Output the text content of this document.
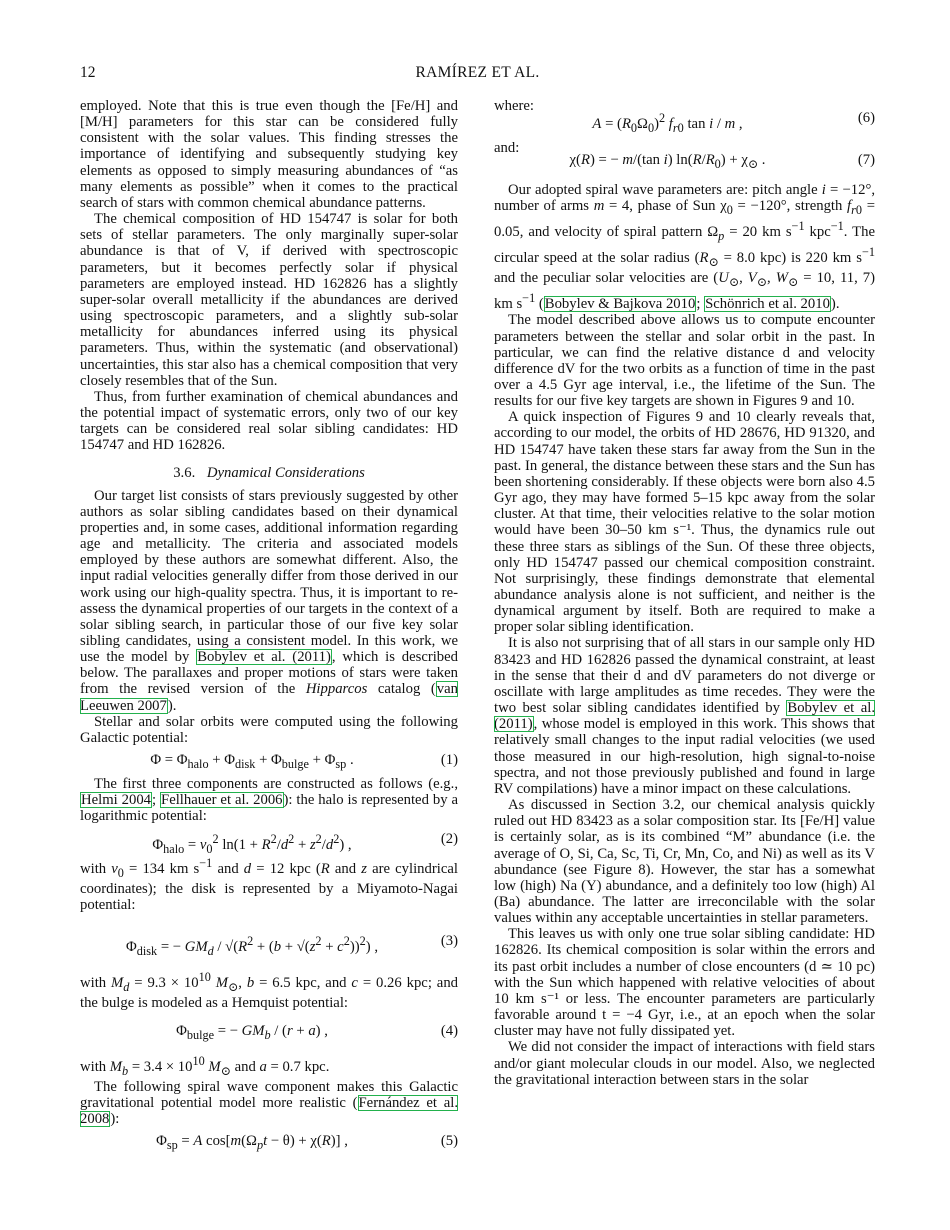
12	RAMÍREZ ET AL.

employed. Note that this is true even though the [Fe/H] and [M/H] parameters for this star can be considered fully consistent with the solar values. This finding stresses the importance of identifying and subsequently studying key elements as opposed to simply measuring abundances of “as many elements as possible” when it comes to the practical search of stars with common chemical abundance patterns.

The chemical composition of HD 154747 is solar for both sets of stellar parameters. The only marginally super-solar abundance is that of V, if derived with spectroscopic parameters, but it becomes perfectly solar if physical parameters are employed instead. HD 162826 has a slightly super-solar overall metallicity if the abundances are derived using spectroscopic parameters, and a slightly sub-solar metallicity for abundances inferred using its physical parameters. Thus, within the systematic (and observational) uncertainties, this star also has a chemical composition that very closely resembles that of the Sun.

Thus, from further examination of chemical abundances and the potential impact of systematic errors, only two of our key targets can be considered real solar sibling candidates: HD 154747 and HD 162826.

3.6. Dynamical Considerations

Our target list consists of stars previously suggested by other authors as solar sibling candidates based on their dynamical properties and, in some cases, additional information regarding age and metallicity. The criteria and associated models employed by these authors are somewhat different. Also, the input radial velocities generally differ from those derived in our work using our high-quality spectra. Thus, it is important to re-assess the dynamical properties of our targets in the context of a solar sibling search, in particular those of our five key solar sibling candidates, using a consistent model. In this work, we use the model by Bobylev et al. (2011), which is described below. The parallaxes and proper motions of stars were taken from the revised version of the Hipparcos catalog (van Leeuwen 2007).

Stellar and solar orbits were computed using the following Galactic potential:

$\Phi = \Phi_{halo} + \Phi_{disk} + \Phi_{bulge} + \Phi_{sp}$ .	(1)

The first three components are constructed as follows (e.g., Helmi 2004; Fellhauer et al. 2006): the halo is represented by a logarithmic potential:

$\Phi_{halo} = v_0^2$ $\ln(1 + R^2/d^2 + z^2/d^2)$ ,	(2)

with $v_0 = 134$ km $s^{-1}$ and d = 12 kpc (R and z are cylindrical coordinates); the disk is represented by a Miyamoto-Nagai potential:

$\Phi_{disk}$ = − $GM_d / √(R^2 + (b + √(z^2 + c^2))^2)$ ,	(3)

with $M_d = 9.3 \times 10^{10}$ $M_⊙$, b = 6.5 kpc, and c = 0.26 kpc; and the bulge is modeled as a Hemquist potential:

$\Phi_{bulge}$ = − $GM_b / (r + a)$ ,	(4)

with $M_b = 3.4 \times 10^{10}$ $M_⊙$ and a = 0.7 kpc.

The following spiral wave component makes this Galactic gravitational potential model more realistic (Fernández et al. 2008):

$\Phi_{sp} = A$ $\cos[m(\Omega_pt - \theta) + \chi(R)]$ ,	(5)
where:
$A = (R_0\Omega_0)^2$ $f_{r0}$ tan i / m ,	(6)
and:
χ(R) = − m/(tan i) $\ln(R/R_0) + \chi_⊙$ .	(7)

Our adopted spiral wave parameters are: pitch angle i = −12°, number of arms m = 4, phase of Sun $\chi_0 = -120^\circ$, strength $f_{r0} = 0.05$, and velocity of spiral pattern $\Omega_p = 20$ km $s^{-1}$ kpc$^{-1}$. The circular speed at the solar radius ($R_⊙ = 8.0$ kpc) is 220 km $s^{-1}$ and the peculiar solar velocities are ($U_⊙$, $V_⊙$, $W_⊙ = 10$, 11, 7) km $s^{-1}$ (Bobylev & Bajkova 2010; Schönrich et al. 2010).

The model described above allows us to compute encounter parameters between the stellar and solar orbit in the past. In particular, we can find the relative distance d and velocity difference dV for the two orbits as a function of time in the past over a 4.5 Gyr age interval, i.e., the lifetime of the Sun. The results for our five key targets are shown in Figures 9 and 10.

A quick inspection of Figures 9 and 10 clearly reveals that, according to our model, the orbits of HD 28676, HD 91320, and HD 154747 have taken these stars far away from the Sun in the past. In general, the distance between these stars and the Sun has been shortening considerably. If these objects were born also 4.5 Gyr ago, they may have formed 5–15 kpc away from the solar cluster. At that time, their velocities relative to the solar motion would have been 30–50 km s⁻¹. Thus, the dynamics rule out these three stars as siblings of the Sun. Of these three objects, only HD 154747 passed our chemical composition constraint. Not surprisingly, these findings demonstrate that elemental abundance analysis alone is not sufficient, and neither is the dynamical argument by itself. Both are required to make a proper solar sibling identification.

It is also not surprising that of all stars in our sample only HD 83423 and HD 162826 passed the dynamical constraint, at least in the sense that their d and dV parameters do not diverge or oscillate with large amplitudes as time recedes. They were the two best solar sibling candidates identified by Bobylev et al. (2011), whose model is employed in this work. This shows that relatively small changes to the input radial velocities (we used those measured in our high-resolution, high signal-to-noise spectra, and not those previously published and found in large RV compilations) have a minor impact on these calculations.

As discussed in Section 3.2, our chemical analysis quickly ruled out HD 83423 as a solar composition star. Its [Fe/H] value is certainly solar, as is its combined “M” abundance (i.e. the average of O, Si, Ca, Sc, Ti, Cr, Mn, Co, and Ni) as well as its V abundance (see Figure 8). However, the star has a somewhat low (high) Na (Y) abundance, and a definitely too low (high) Al (Ba) abundance. The latter are irreconcilable with the solar values within any acceptable uncertainties in stellar parameters.

This leaves us with only one true solar sibling candidate: HD 162826. Its chemical composition is solar within the errors and its past orbit includes a number of close encounters (d ≃ 10 pc) with the Sun which happened with relative velocities of about 10 km s⁻¹ or less. The encounter parameters are particularly favorable around t = −4 Gyr, i.e., at an epoch when the solar cluster may have not fully dissipated yet.

We did not consider the impact of interactions with field stars and/or giant molecular clouds in our model. Also, we neglected the gravitational interaction between stars in the solar
